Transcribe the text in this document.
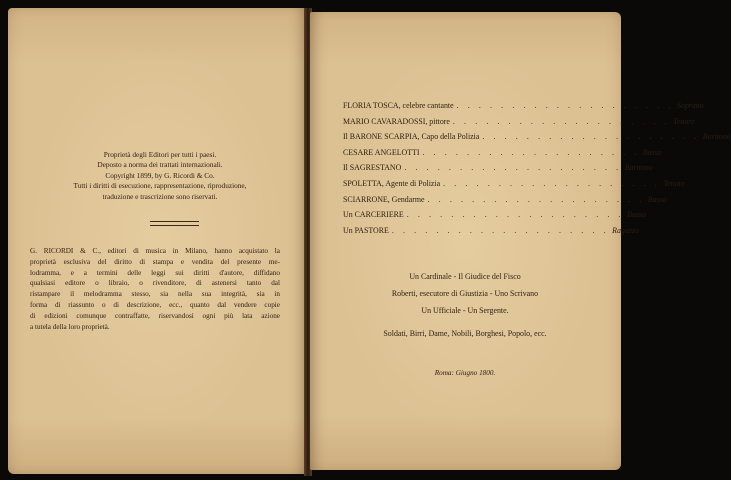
Proprietà degli Editori per tutti i paesi.
Deposto a norma dei trattati internazionali.
Copyright 1899, by G. Ricordi & Co.
Tutti i diritti di esecuzione, rappresentazione, riproduzione,
traduzione e trascrizione sono riservati.
G. RICORDI & C., editori di musica in Milano, hanno acquistato la
proprietà esclusiva del diritto di stampa e vendita del presente me-
lodramma, e a termini delle leggi sui diritti d'autore, diffidano
qualsiasi editore o libraio, o rivenditore, di astenersi tanto dal
ristampare il melodramma stesso, sia nella sua integrità, sia in
forma di riassunto o di descrizione, ecc., quanto dal vendere copie
di edizioni comunque contraffatte, riservandosi ogni più lata azione
a tutela della loro proprietà.
FLORIA TOSCA, celebre cantante . . . . . . . . . . . . . . . . . . . . Soprano
MARIO CAVARADOSSI, pittore . . . . . . . . . . . . . . . . . . . . Tenore
Il BARONE SCARPIA, Capo della Polizia . . . . . . . . . . . . . . . . . . . . Baritono
CESARE ANGELOTTI . . . . . . . . . . . . . . . . . . . . Basso
Il SAGRESTANO . . . . . . . . . . . . . . . . . . . . Baritono
SPOLETTA, Agente di Polizia . . . . . . . . . . . . . . . . . . . . Tenore
SCIARRONE, Gendarme . . . . . . . . . . . . . . . . . . . . Basso
Un CARCERIERE . . . . . . . . . . . . . . . . . . . . Basso
Un PASTORE . . . . . . . . . . . . . . . . . . . . Ragazzo
Un Cardinale - Il Giudice del Fisco
Roberti, esecutore di Giustizia - Uno Scrivano
Un Ufficiale - Un Sergente.
Soldati, Birri, Dame, Nobili, Borghesi, Popolo, ecc.
Roma: Giugno 1800.
